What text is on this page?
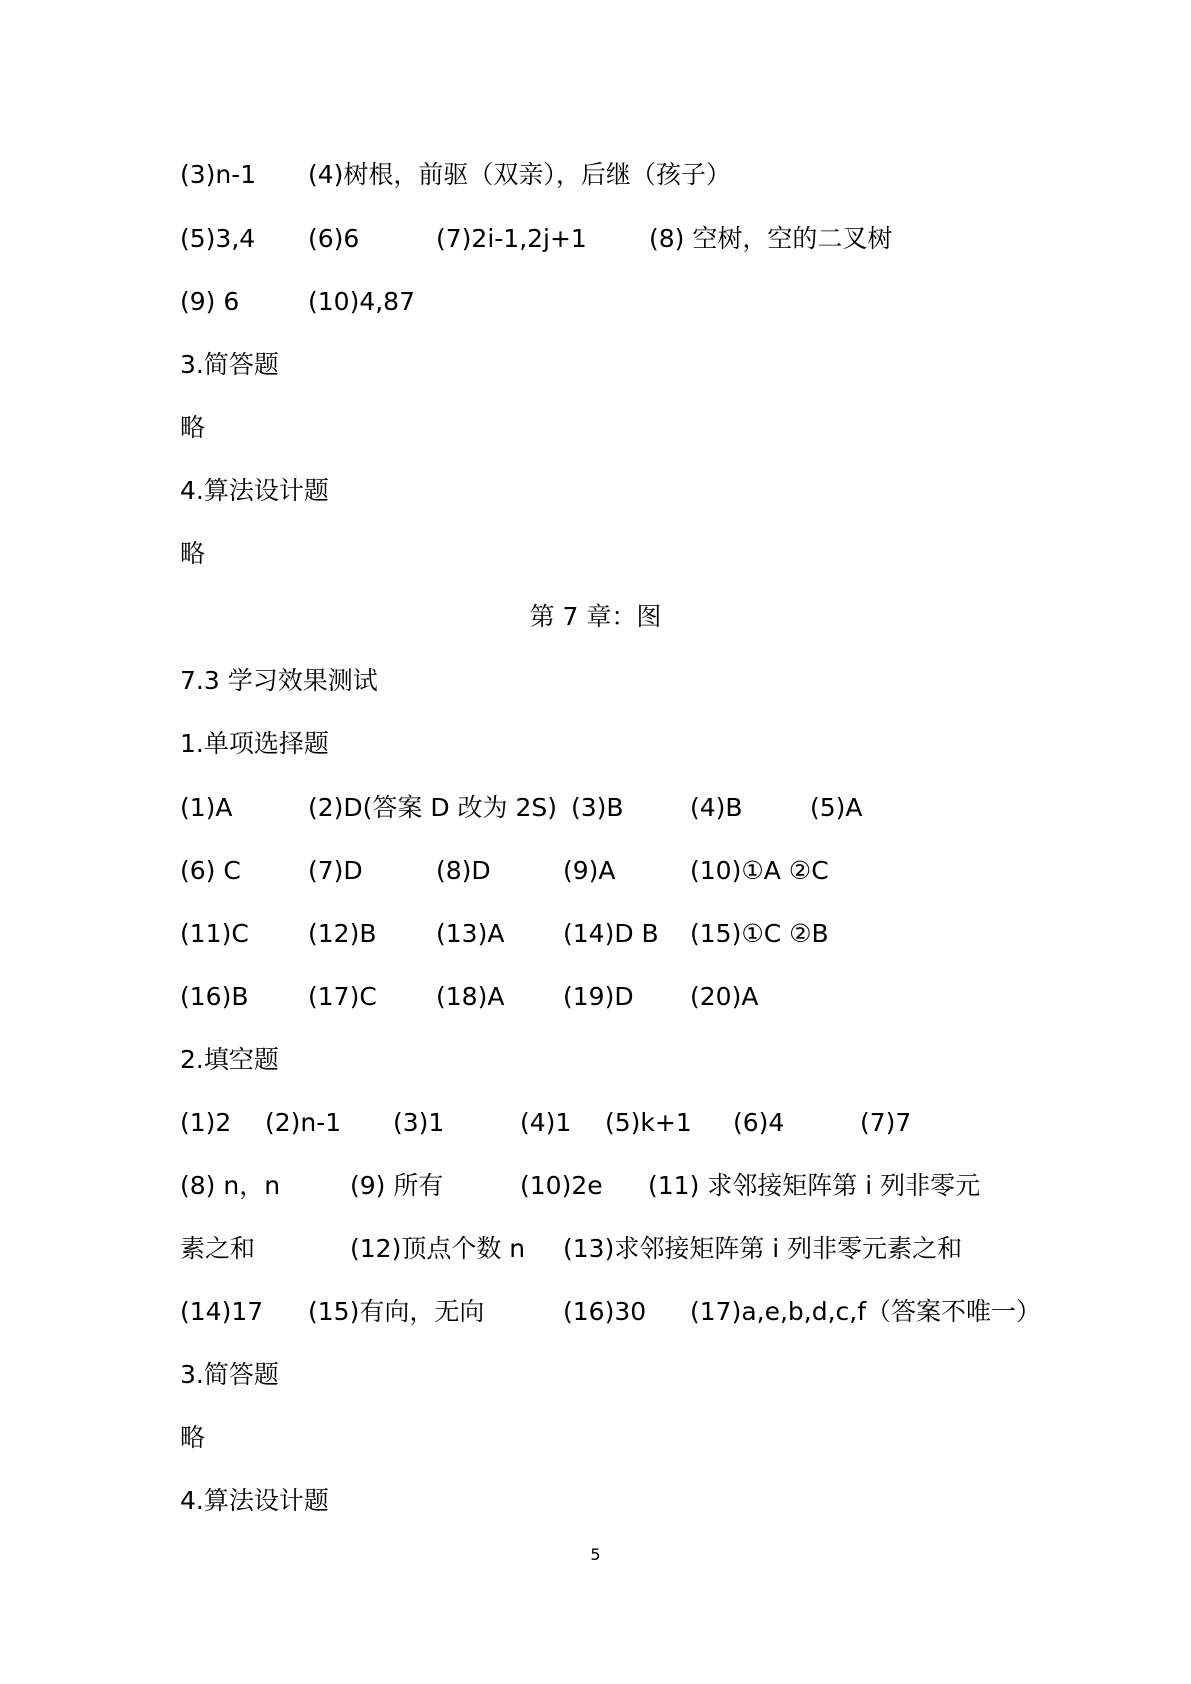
(3)n-1 (4)树根，前驱（双亲），后继（孩子）
(5)3,4 (6)6	(7)2i-1,2j+1 (8) 空树，空的二叉树
(9) 6	(10)4,87
3.简答题
略
4.算法设计题
略
第 7 章：图
7.3 学习效果测试
1.单项选择题
(1)A	(2)D(答案 D 改为 2S) (3)B	(4)B	(5)A
(6) C	(7)D	(8)D	(9)A	(10)①A ②C
(11)C (12)B (13)A (14)D B (15)①C ②B
(16)B (17)C (18)A (19)D (20)A
2.填空题
(1)2 (2)n-1 (3)1	(4)1 (5)k+1 (6)4	(7)7
(8) n，n	(9) 所有	(10)2e (11) 求邻接矩阵第 i 列非零元
素之和	(12)顶点个数 n (13)求邻接矩阵第 i 列非零元素之和
(14)17 (15)有向，无向	(16)30 (17)a,e,b,d,c,f（答案不唯一）
3.简答题
略
4.算法设计题
5
